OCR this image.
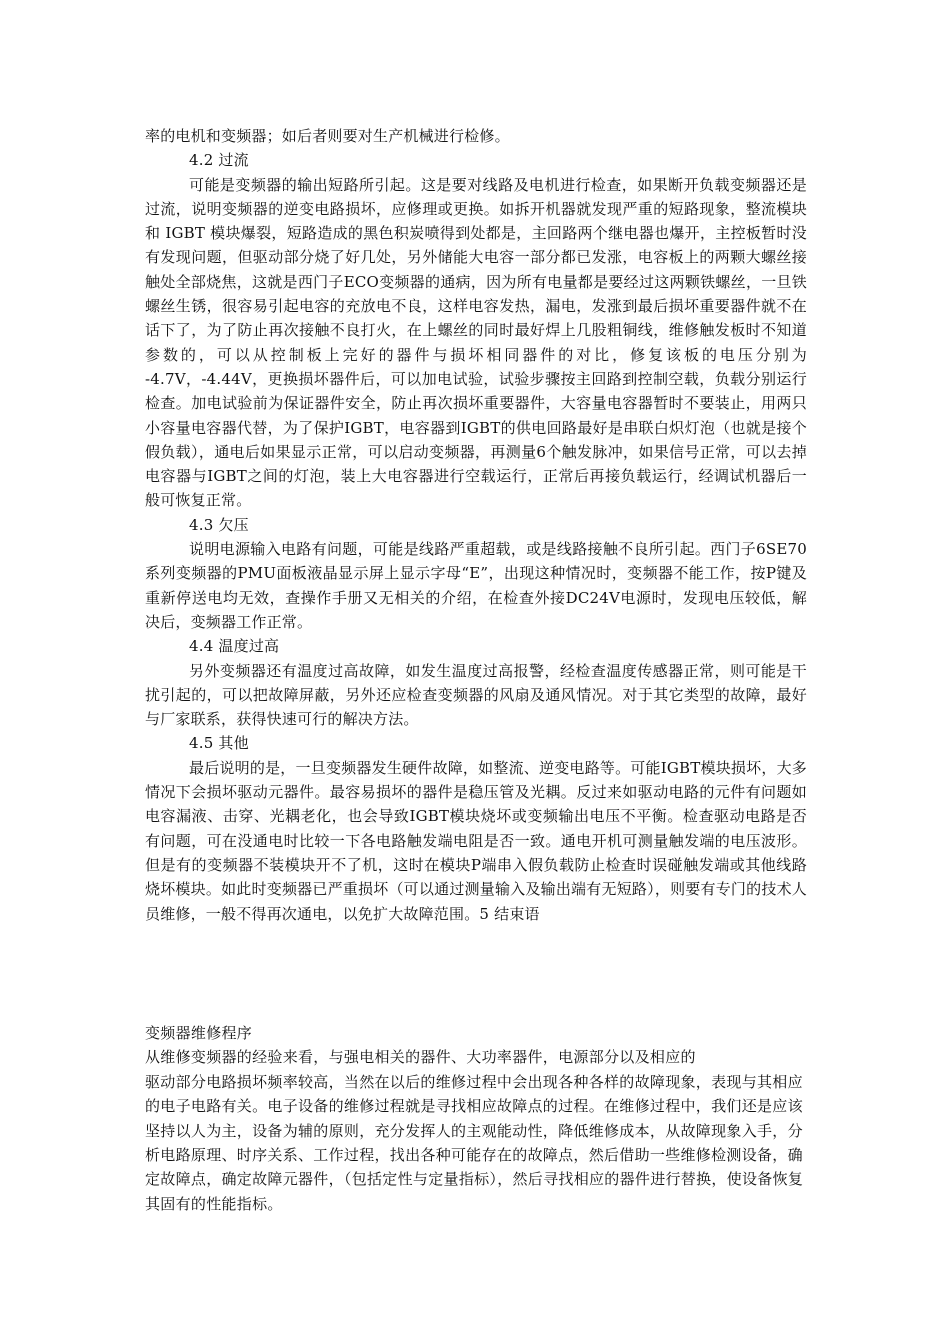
率的电机和变频器；如后者则要对生产机械进行检修。

4.2 过流

可能是变频器的输出短路所引起。这是要对线路及电机进行检查，如果断开负载变频器还是过流，说明变频器的逆变电路损坏，应修理或更换。如拆开机器就发现严重的短路现象，整流模块和 IGBT 模块爆裂，短路造成的黑色积炭喷得到处都是，主回路两个继电器也爆开，主控板暂时没有发现问题，但驱动部分烧了好几处，另外储能大电容一部分都已发涨，电容板上的两颗大螺丝接触处全部烧焦，这就是西门子ECO变频器的通病，因为所有电量都是要经过这两颗铁螺丝，一旦铁螺丝生锈，很容易引起电容的充放电不良，这样电容发热，漏电，发涨到最后损坏重要器件就不在话下了，为了防止再次接触不良打火，在上螺丝的同时最好焊上几股粗铜线，维修触发板时不知道参数的，可以从控制板上完好的器件与损坏相同器件的对比，修复该板的电压分别为 -4.7V，-4.44V，更换损坏器件后，可以加电试验，试验步骤按主回路到控制空载，负载分别运行检查。加电试验前为保证器件安全，防止再次损坏重要器件，大容量电容器暂时不要装止，用两只小容量电容器代替，为了保护IGBT，电容器到IGBT的供电回路最好是串联白炽灯泡（也就是接个假负载），通电后如果显示正常，可以启动变频器，再测量6个触发脉冲，如果信号正常，可以去掉电容器与IGBT之间的灯泡，装上大电容器进行空载运行，正常后再接负载运行，经调试机器后一般可恢复正常。

4.3 欠压

说明电源输入电路有问题，可能是线路严重超载，或是线路接触不良所引起。西门子6SE70系列变频器的PMU面板液晶显示屏上显示字母“E”，出现这种情况时，变频器不能工作，按P键及重新停送电均无效，查操作手册又无相关的介绍，在检查外接DC24V电源时，发现电压较低，解决后，变频器工作正常。

4.4 温度过高

另外变频器还有温度过高故障，如发生温度过高报警，经检查温度传感器正常，则可能是干扰引起的，可以把故障屏蔽，另外还应检查变频器的风扇及通风情况。对于其它类型的故障，最好与厂家联系，获得快速可行的解决方法。

4.5 其他

最后说明的是，一旦变频器发生硬件故障，如整流、逆变电路等。可能IGBT模块损坏，大多情况下会损坏驱动元器件。最容易损坏的器件是稳压管及光耦。反过来如驱动电路的元件有问题如电容漏液、击穿、光耦老化，也会导致IGBT模块烧坏或变频输出电压不平衡。检查驱动电路是否有问题，可在没通电时比较一下各电路触发端电阻是否一致。通电开机可测量触发端的电压波形。但是有的变频器不装模块开不了机，这时在模块P端串入假负载防止检查时误碰触发端或其他线路烧坏模块。如此时变频器已严重损坏（可以通过测量输入及输出端有无短路），则要有专门的技术人员维修，一般不得再次通电，以免扩大故障范围。5 结束语

变频器维修程序

从维修变频器的经验来看，与强电相关的器件、大功率器件，电源部分以及相应的

驱动部分电路损坏频率较高，当然在以后的维修过程中会出现各种各样的故障现象，表现与其相应的电子电路有关。电子设备的维修过程就是寻找相应故障点的过程。在维修过程中，我们还是应该坚持以人为主，设备为辅的原则，充分发挥人的主观能动性，降低维修成本，从故障现象入手，分析电路原理、时序关系、工作过程，找出各种可能存在的故障点，然后借助一些维修检测设备，确定故障点，确定故障元器件，（包括定性与定量指标），然后寻找相应的器件进行替换，使设备恢复其固有的性能指标。
